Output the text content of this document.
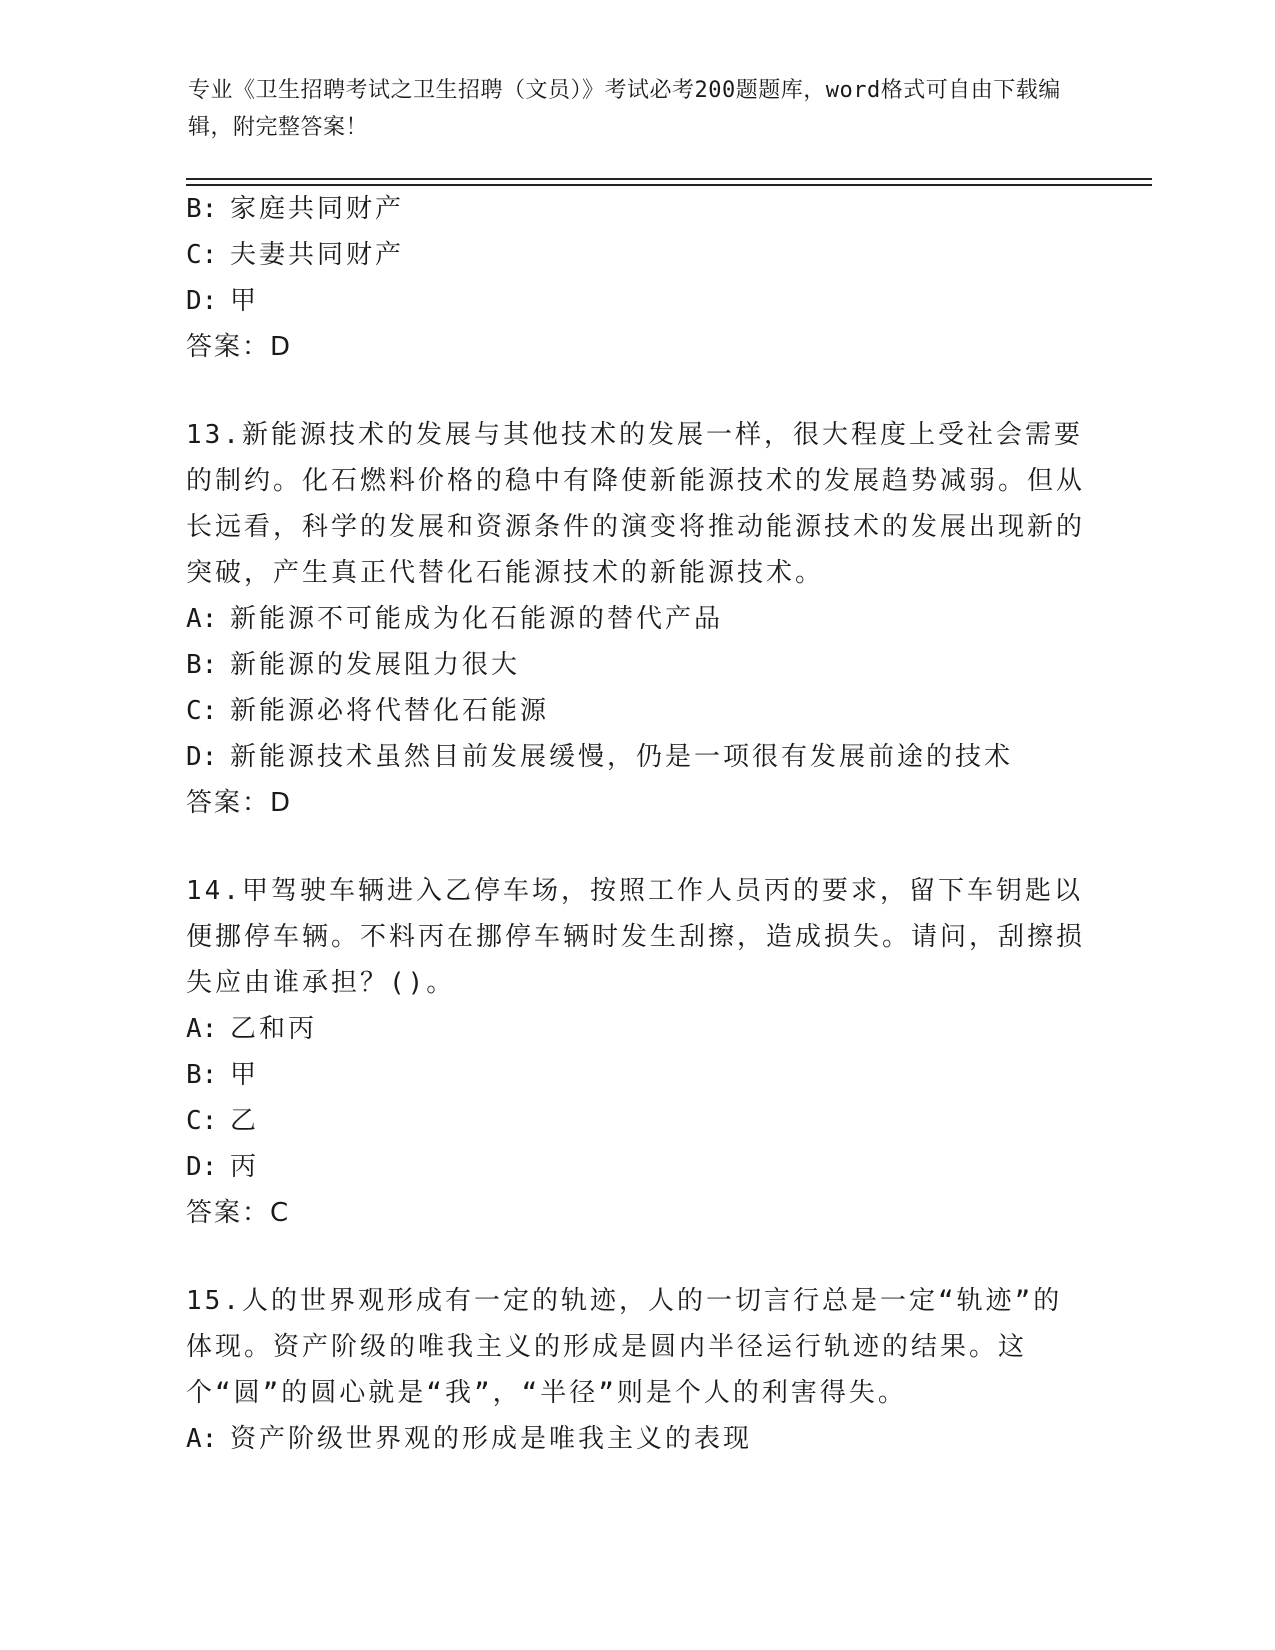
专业《卫生招聘考试之卫生招聘（文员）》考试必考200题题库，word格式可自由下载编辑，附完整答案！
B: 家庭共同财产
C: 夫妻共同财产
D: 甲
答案：D
13.新能源技术的发展与其他技术的发展一样，很大程度上受社会需要的制约。化石燃料价格的稳中有降使新能源技术的发展趋势减弱。但从长远看，科学的发展和资源条件的演变将推动能源技术的发展出现新的突破，产生真正代替化石能源技术的新能源技术。
A: 新能源不可能成为化石能源的替代产品
B: 新能源的发展阻力很大
C: 新能源必将代替化石能源
D: 新能源技术虽然目前发展缓慢，仍是一项很有发展前途的技术
答案：D
14.甲驾驶车辆进入乙停车场，按照工作人员丙的要求，留下车钥匙以便挪停车辆。不料丙在挪停车辆时发生刮擦，造成损失。请问，刮擦损失应由谁承担？()。
A: 乙和丙
B: 甲
C: 乙
D: 丙
答案：C
15.人的世界观形成有一定的轨迹，人的一切言行总是一定“轨迹”的体现。资产阶级的唯我主义的形成是圆内半径运行轨迹的结果。这个“圆”的圆心就是“我”，“半径”则是个人的利害得失。
A: 资产阶级世界观的形成是唯我主义的表现
